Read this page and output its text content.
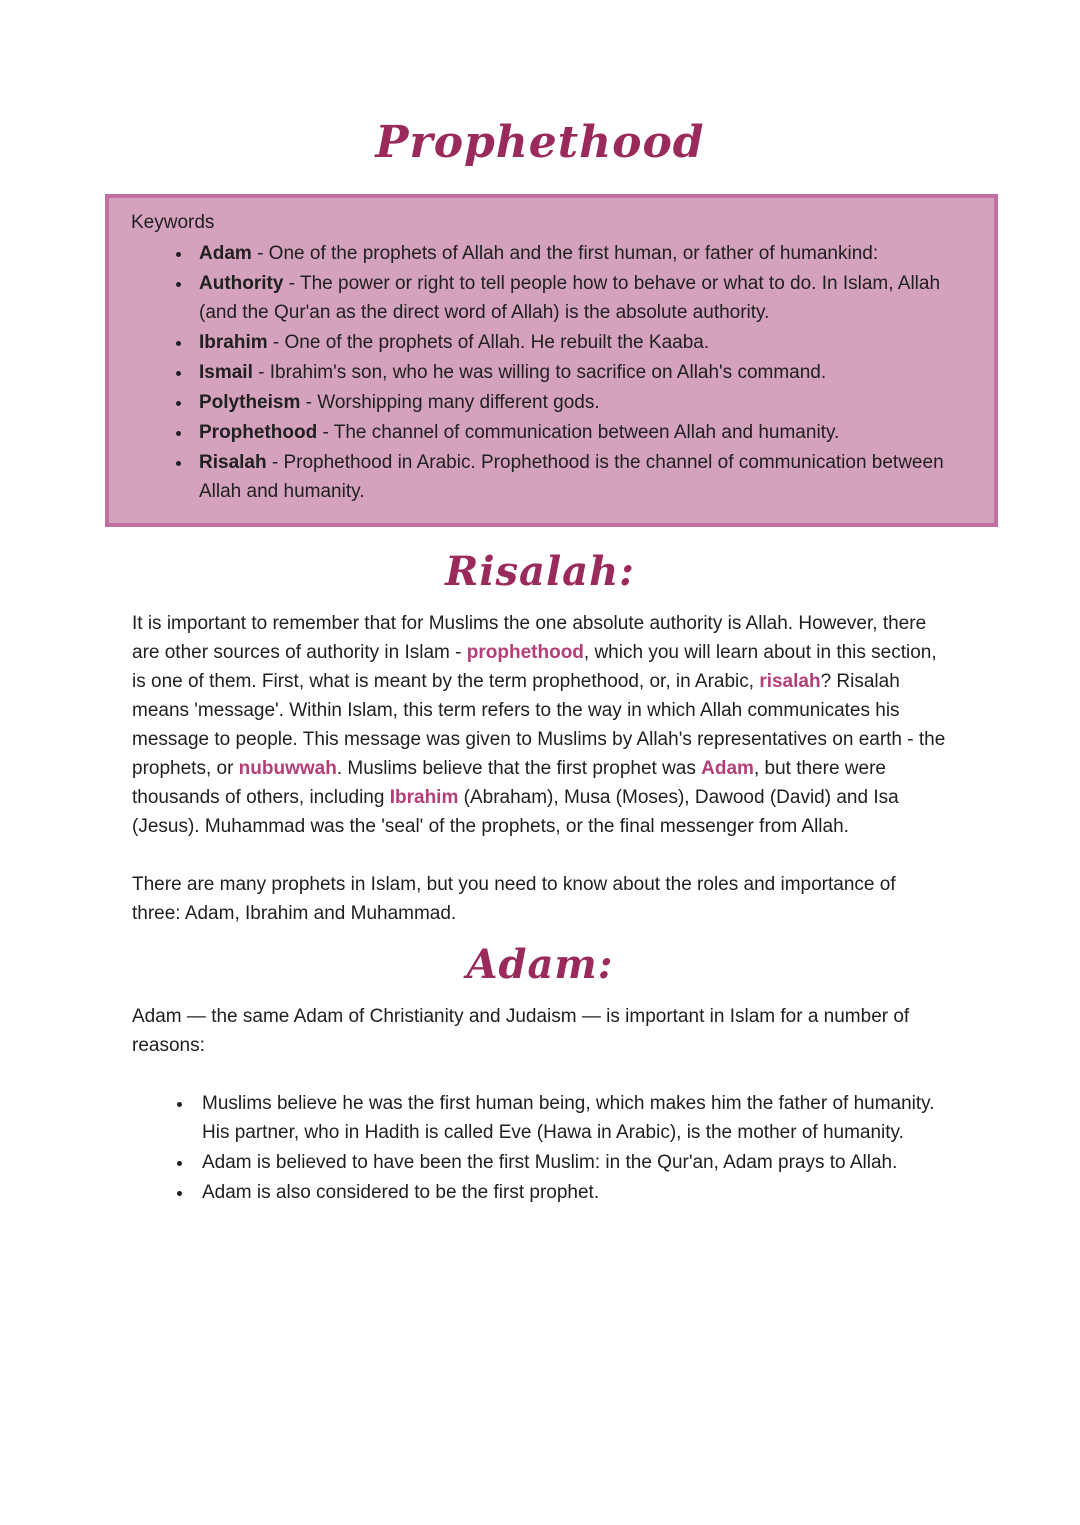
Prophethood
Keywords
• Adam - One of the prophets of Allah and the first human, or father of humankind:
• Authority - The power or right to tell people how to behave or what to do. In Islam, Allah (and the Qur'an as the direct word of Allah) is the absolute authority.
• Ibrahim - One of the prophets of Allah. He rebuilt the Kaaba.
• Ismail - Ibrahim's son, who he was willing to sacrifice on Allah's command.
• Polytheism - Worshipping many different gods.
• Prophethood - The channel of communication between Allah and humanity.
• Risalah - Prophethood in Arabic. Prophethood is the channel of communication between Allah and humanity.
Risalah:

It is important to remember that for Muslims the one absolute authority is Allah. However, there are other sources of authority in Islam - prophethood, which you will learn about in this section, is one of them. First, what is meant by the term prophethood, or, in Arabic, risalah? Risalah means 'message'. Within Islam, this term refers to the way in which Allah communicates his message to people. This message was given to Muslims by Allah's representatives on earth - the prophets, or nubuwwah. Muslims believe that the first prophet was Adam, but there were thousands of others, including Ibrahim (Abraham), Musa (Moses), Dawood (David) and Isa (Jesus). Muhammad was the 'seal' of the prophets, or the final messenger from Allah.

There are many prophets in Islam, but you need to know about the roles and importance of three: Adam, Ibrahim and Muhammad.

Adam:

Adam — the same Adam of Christianity and Judaism — is important in Islam for a number of reasons:

• Muslims believe he was the first human being, which makes him the father of humanity. His partner, who in Hadith is called Eve (Hawa in Arabic), is the mother of humanity.
• Adam is believed to have been the first Muslim: in the Qur'an, Adam prays to Allah.
• Adam is also considered to be the first prophet.
